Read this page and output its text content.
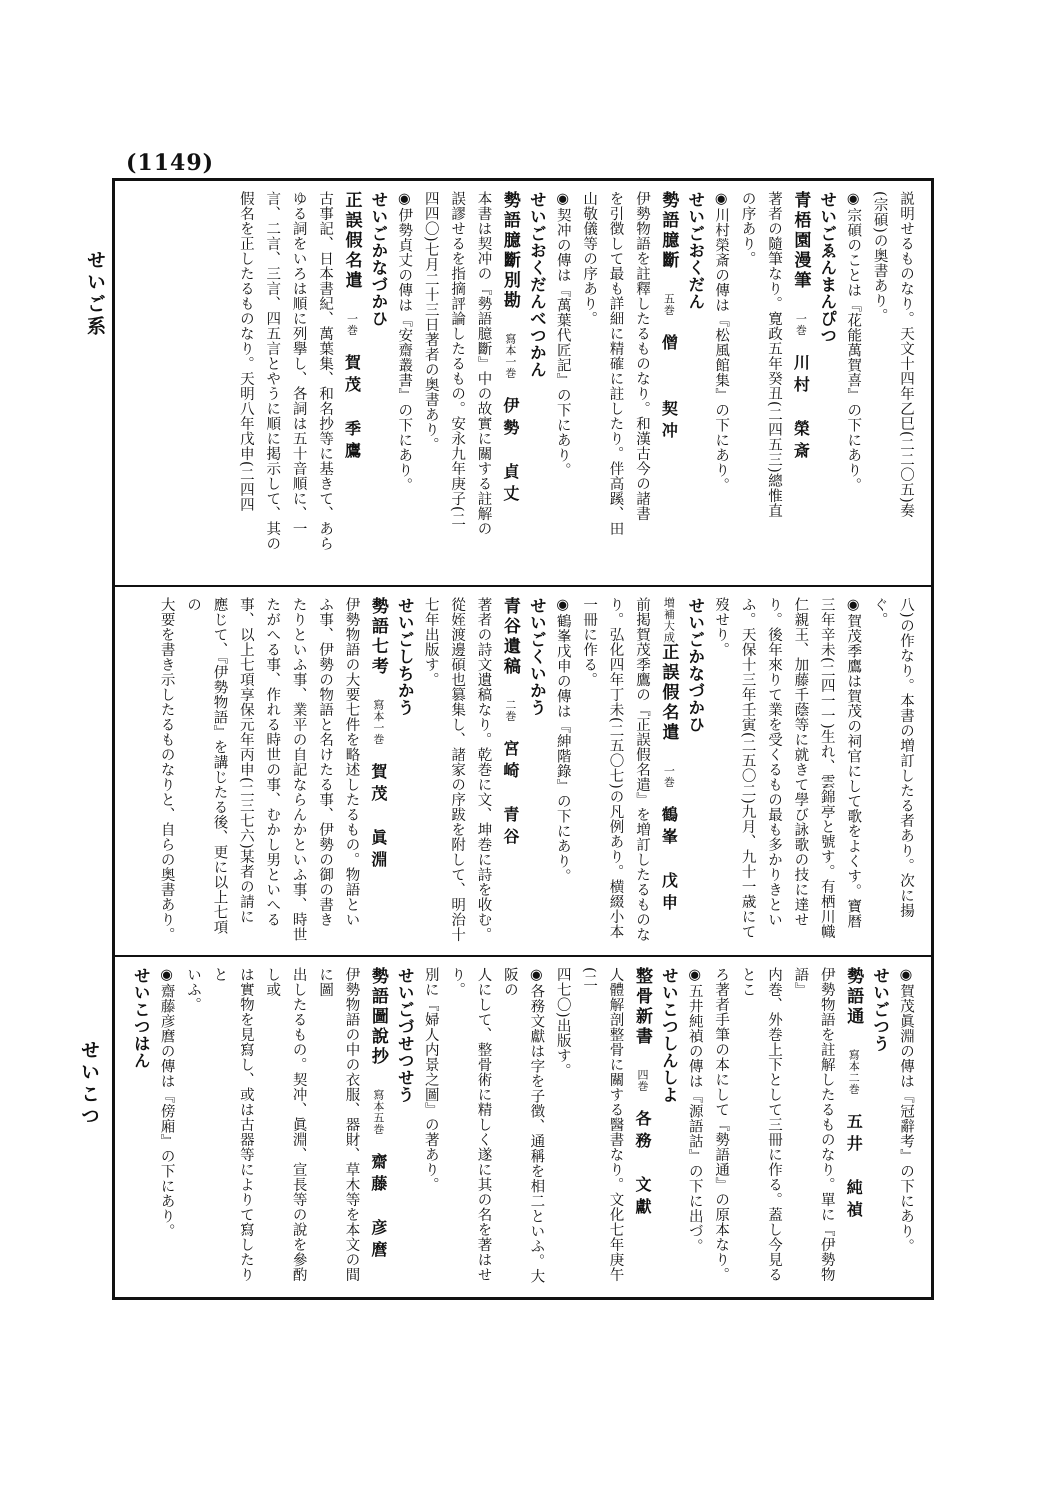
(1149)
せいご系
せいこつ
説明せるものなり。天文十四年乙巳(二二〇五)奏
(宗碩)の奥書あり。
◉宗碩のことは『花能萬賀喜』の下にあり。
せいごゑんまんぴつ
青梧園漫筆一巻川村　榮斎
著者の隨筆なり。寛政五年癸丑(二四五三)總惟直
の序あり。
◉川村榮斎の傳は『松風館集』の下にあり。
せいごおくだん
勢語臆斷五巻僧　　契冲
伊勢物語を註釋したるものなり。和漢古今の諸書
を引徴して最も詳細に精確に註したり。伴高蹊、田
山敬儀等の序あり。
◉契冲の傳は『萬葉代匠記』の下にあり。
せいごおくだんべつかん
勢語臆斷別勘寫本一巻伊勢　貞丈
本書は契冲の『勢語臆斷』中の故實に關する註解の
誤謬せるを指摘評論したるもの。安永九年庚子(二
四四〇)七月二十三日著者の奥書あり。
◉伊勢貞丈の傳は『安齋叢書』の下にあり。
せいごかなづかひ
正誤假名遣一巻賀茂　季鷹
古事記、日本書紀、萬葉集、和名抄等に基きて、あら
ゆる詞をいろは順に列擧し、各詞は五十音順に、一
言、二言、三言、四五言とやうに順に掲示して、其の
假名を正したるものなり。天明八年戊申(二四四
八)の作なり。本書の増訂したる者あり。次に揚ぐ。
◉賀茂季鷹は賀茂の祠官にして歌をよくす。寶暦
三年辛未(二四一一)生れ、雲錦亭と號す。有栖川幟
仁親王、加藤千蔭等に就きて學び詠歌の技に達せ
り。後年來りて業を受くるもの最も多かりきとい
ふ。天保十三年壬寅(二五〇二)九月、九十一歳にて
歿せり。
せいごかなづかひ
増補大成正誤假名遣一巻鶴峯　戊申
前掲賀茂季鷹の『正誤假名遣』を増訂したるものな
り。弘化四年丁未(二五〇七)の凡例あり。横綴小本
一冊に作る。
◉鶴峯戊申の傳は『紳階錄』の下にあり。
せいごくいかう
青谷遺稿二巻宮崎　青谷
著者の詩文遺稿なり。乾巻に文、坤巻に詩を收む。
從姪渡邊碩也篡集し、諸家の序跋を附して、明治十
七年出版す。
せいごしちかう
勢語七考寫本一巻賀茂　眞淵
伊勢物語の大要七件を略述したるもの。物語とい
ふ事、伊勢の物語と名けたる事、伊勢の御の書き
たりといふ事、業平の自記ならんかといふ事、時世
たがへる事、作れる時世の事、むかし男といへる
事、以上七項享保元年丙申(二三七六)某者の請に
應じて、『伊勢物語』を講じたる後、更に以上七項の
大要を書き示したるものなりと、自らの奥書あり。
◉賀茂眞淵の傳は『冠辭考』の下にあり。
せいごつう
勢語通寫本二巻五井　純禎
伊勢物語を註解したるものなり。單に『伊勢物語』
内巻、外巻上下として三冊に作る。蓋し今見るとこ
ろ著者手筆の本にして『勢語通』の原本なり。
◉五井純禎の傳は『源語詁』の下に出づ。
せいこつしんしよ
整骨新書四巻各務　文獻
人體解剖整骨に關する醫書なり。文化七年庚午(二
四七〇)出版す。
◉各務文獻は字を子徴、通稱を相二といふ。大阪の
人にして、整骨術に精しく遂に其の名を著はせり。
別に『婦人内景之圖』の著あり。
せいごづせつせう
勢語圖說抄寫本五巻齋藤　彦麿
伊勢物語の中の衣服、器財、草木等を本文の間に圖
出したるもの。契冲、眞淵、宣長等の說を參酌し或
は實物を見寫し、或は古器等によりて寫したりと
いふ。
◉齋藤彦麿の傳は『傍廂』の下にあり。
せいこつはん
